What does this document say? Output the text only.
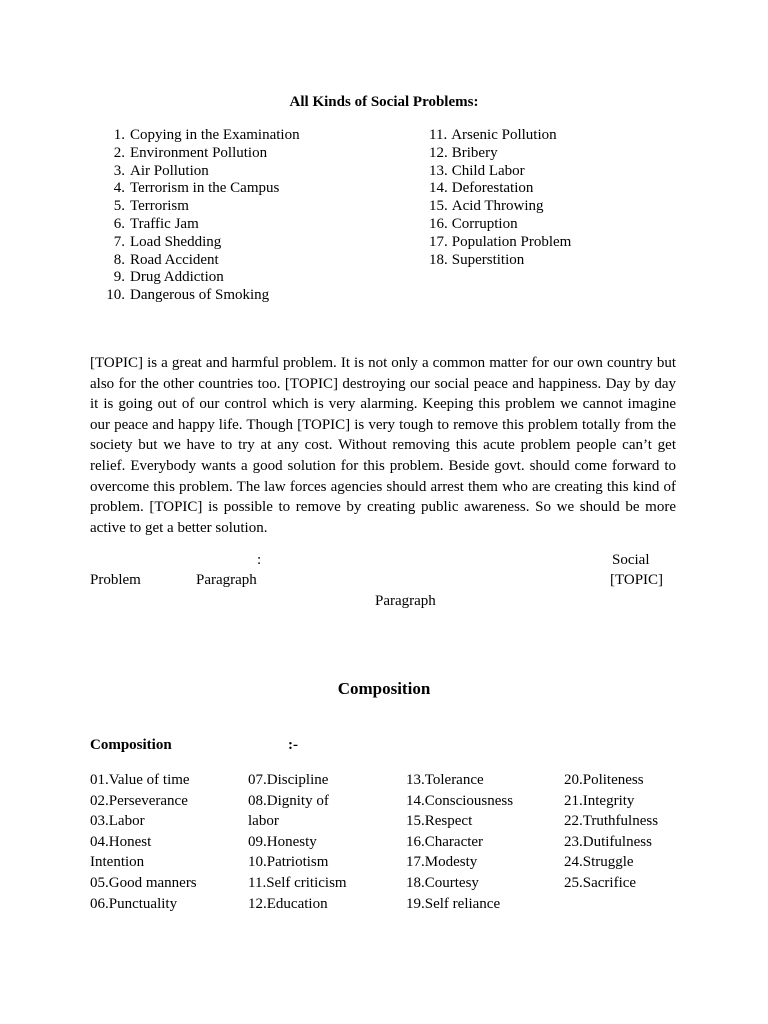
All Kinds of Social Problems:
1. Copying in the Examination
2. Environment Pollution
3. Air Pollution
4. Terrorism in the Campus
5. Terrorism
6. Traffic Jam
7. Load Shedding
8. Road Accident
9. Drug Addiction
10. Dangerous of Smoking
11. Arsenic Pollution
12. Bribery
13. Child Labor
14. Deforestation
15. Acid Throwing
16. Corruption
17. Population Problem
18. Superstition

[TOPIC] is a great and harmful problem. It is not only a common matter for our own country but also for the other countries too. [TOPIC] destroying our social peace and happiness. Day by day it is going out of our control which is very alarming. Keeping this problem we cannot imagine our peace and happy life. Though [TOPIC] is very tough to remove this problem totally from the society but we have to try at any cost. Without removing this acute problem people can’t get relief. Everybody wants a good solution for this problem. Beside govt. should come forward to overcome this problem. The law forces agencies should arrest them who are creating this kind of problem. [TOPIC] is possible to remove by creating public awareness. So we should be more active to get a better solution.

:	Social
Problem	Paragraph	[TOPIC]
Paragraph
Composition
Composition	:-
01.Value of time
02.Perseverance
03.Labor
04.Honest
Intention
05.Good manners
06.Punctuality
07.Discipline
08.Dignity of
labor
09.Honesty
10.Patriotism
11.Self criticism
12.Education
13.Tolerance
14.Consciousness
15.Respect
16.Character
17.Modesty
18.Courtesy
19.Self reliance
20.Politeness
21.Integrity
22.Truthfulness
23.Dutifulness
24.Struggle
25.Sacrifice
